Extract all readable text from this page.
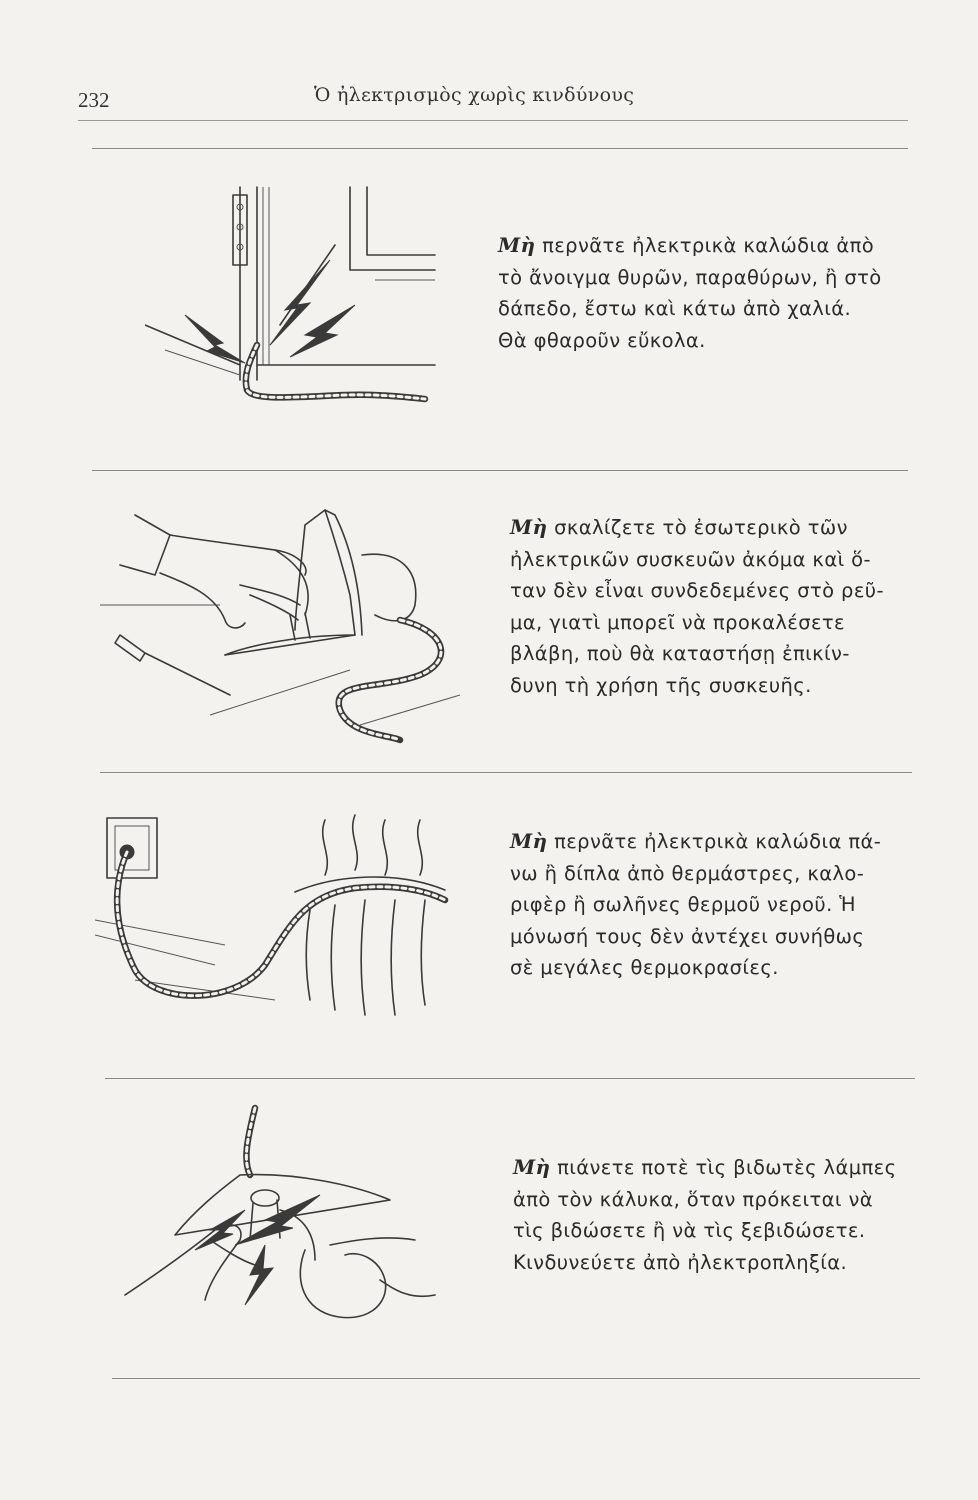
232	Ὁ ἠλεκτρισμὸς χωρὶς κινδύνους
Μὴ περνᾶτε ἠλεκτρικὰ καλώδια ἀπὸ
τὸ ἄνοιγμα θυρῶν, παραθύρων, ἢ στὸ
δάπεδο, ἔστω καὶ κάτω ἀπὸ χαλιά.
Θὰ φθαροῦν εὔκολα.
Μὴ σκαλίζετε τὸ ἐσωτερικὸ τῶν
ἠλεκτρικῶν συσκευῶν ἀκόμα καὶ ὅ-
ταν δὲν εἶναι συνδεδεμένες στὸ ρεῦ-
μα, γιατὶ μπορεῖ νὰ προκαλέσετε
βλάβη, ποὺ θὰ καταστήσῃ ἐπικίν-
δυνη τὴ χρήση τῆς συσκευῆς.
Μὴ περνᾶτε ἠλεκτρικὰ καλώδια πά-
νω ἢ δίπλα ἀπὸ θερμάστρες, καλο-
ριφὲρ ἢ σωλῆνες θερμοῦ νεροῦ. Ἡ
μόνωσή τους δὲν ἀντέχει συνήθως
σὲ μεγάλες θερμοκρασίες.
Μὴ πιάνετε ποτὲ τὶς βιδωτὲς λάμπες
ἀπὸ τὸν κάλυκα, ὅταν πρόκειται νὰ
τὶς βιδώσετε ἢ νὰ τὶς ξεβιδώσετε.
Κινδυνεύετε ἀπὸ ἠλεκτροπληξία.
